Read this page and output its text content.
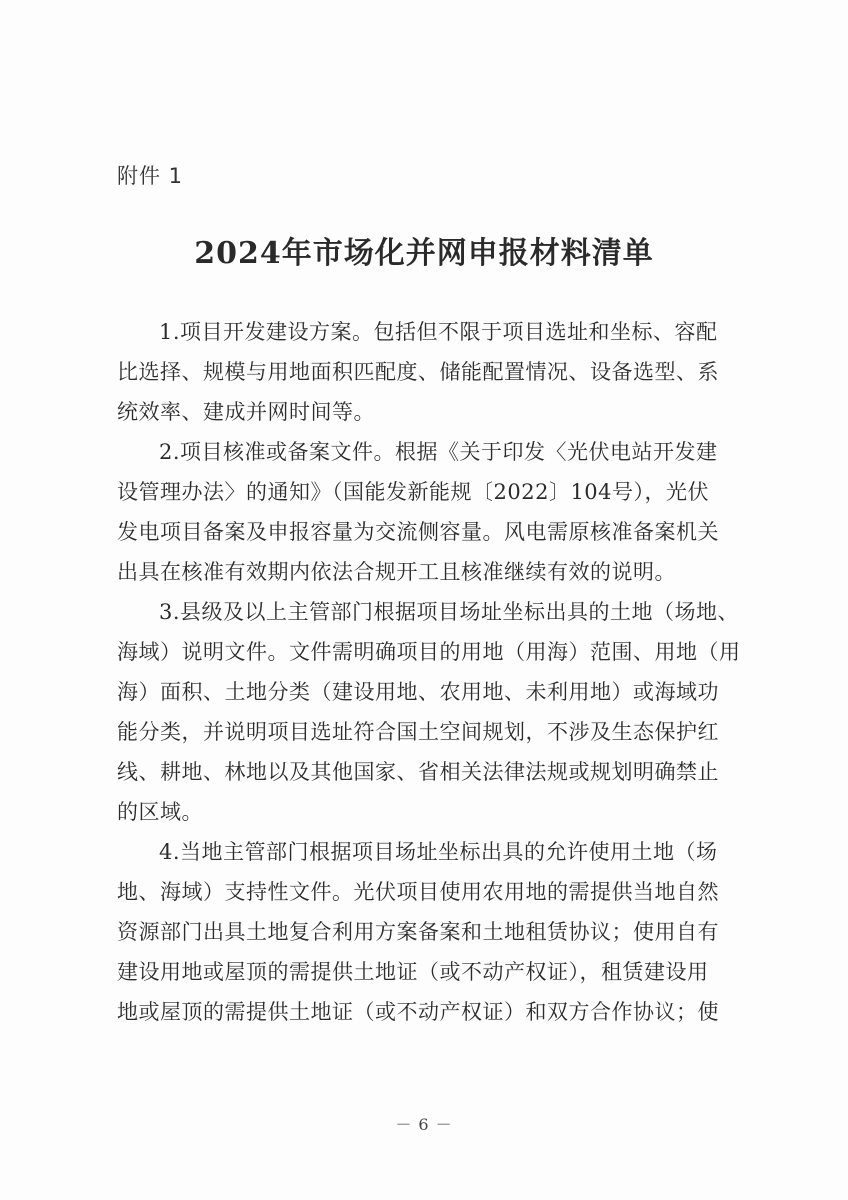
附件 1
2024年市场化并网申报材料清单
1.项目开发建设方案。包括但不限于项目选址和坐标、容配
比选择、规模与用地面积匹配度、储能配置情况、设备选型、系
统效率、建成并网时间等。
2.项目核准或备案文件。根据《关于印发〈光伏电站开发建
设管理办法〉的通知》（国能发新能规〔2022〕104号），光伏
发电项目备案及申报容量为交流侧容量。风电需原核准备案机关
出具在核准有效期内依法合规开工且核准继续有效的说明。
3.县级及以上主管部门根据项目场址坐标出具的土地（场地、
海域）说明文件。文件需明确项目的用地（用海）范围、用地（用
海）面积、土地分类（建设用地、农用地、未利用地）或海域功
能分类，并说明项目选址符合国土空间规划，不涉及生态保护红
线、耕地、林地以及其他国家、省相关法律法规或规划明确禁止
的区域。
4.当地主管部门根据项目场址坐标出具的允许使用土地（场
地、海域）支持性文件。光伏项目使用农用地的需提供当地自然
资源部门出具土地复合利用方案备案和土地租赁协议；使用自有
建设用地或屋顶的需提供土地证（或不动产权证），租赁建设用
地或屋顶的需提供土地证（或不动产权证）和双方合作协议；使
－ 6 －
